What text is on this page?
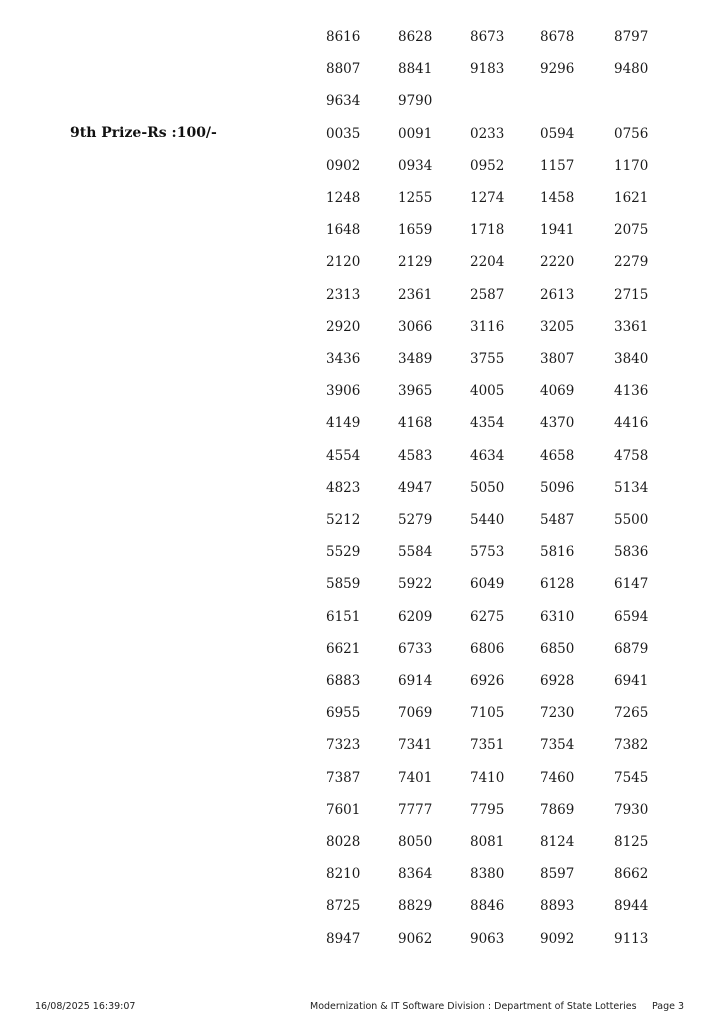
9th Prize-Rs :100/-
8616	8628	8673	8678	8797
8807	8841	9183	9296	9480
9634	9790
0035	0091	0233	0594	0756
0902	0934	0952	1157	1170
1248	1255	1274	1458	1621
1648	1659	1718	1941	2075
2120	2129	2204	2220	2279
2313	2361	2587	2613	2715
2920	3066	3116	3205	3361
3436	3489	3755	3807	3840
3906	3965	4005	4069	4136
4149	4168	4354	4370	4416
4554	4583	4634	4658	4758
4823	4947	5050	5096	5134
5212	5279	5440	5487	5500
5529	5584	5753	5816	5836
5859	5922	6049	6128	6147
6151	6209	6275	6310	6594
6621	6733	6806	6850	6879
6883	6914	6926	6928	6941
6955	7069	7105	7230	7265
7323	7341	7351	7354	7382
7387	7401	7410	7460	7545
7601	7777	7795	7869	7930
8028	8050	8081	8124	8125
8210	8364	8380	8597	8662
8725	8829	8846	8893	8944
8947	9062	9063	9092	9113
16/08/2025 16:39:07	Modernization & IT Software Division : Department of State Lotteries Page 3
